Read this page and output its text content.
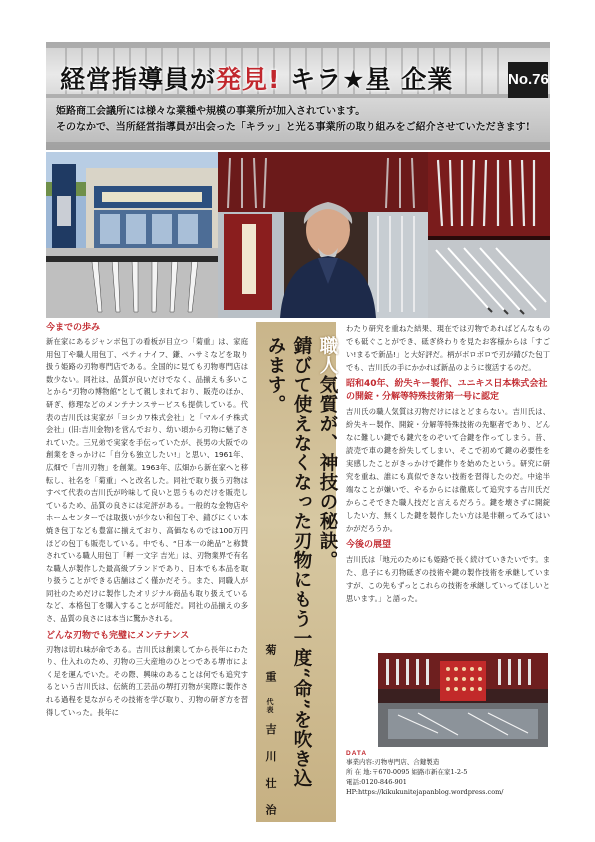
経営指導員が発見! キラ★星 企業	No.76
姫路商工会議所には様々な業種や規模の事業所が加入されています。
そのなかで、当所経営指導員が出会った「キラッ」と光る事業所の取り組みをご紹介させていただきます!
今までの歩み

新在家にあるジャンボ包丁の看板が目立つ「菊重」は、家庭用包丁や職人用包丁、ペティナイフ、鎌、ハサミなどを取り扱う姫路の刃物専門店である。全国的に見ても刃物専門店は数少ない。同社は、品質が良いだけでなく、品揃えも多いことから“刃物の博物館”として親しまれており、販売のほか、研ぎ、修理などのメンテナンスサービスも提供している。代表の吉川氏は実家が「ヨシカワ株式会社」と「マルイチ株式会社」(旧:吉川金物)を営んでおり、幼い頃から刃物に魅了されていた。三兄弟で実家を手伝っていたが、長男の大阪での創業をきっかけに「自分も独立したい!」と思い、1961年、広畑で「吉川刃物」を創業。1963年、広畑から新在家へと移転し、社名を「菊重」へと改名した。同社で取り扱う刃物はすべて代表の吉川氏が吟味して良いと思うものだけを販売しているため、品質の良さには定評がある。一般的な金物店やホームセンターでは取扱いが少ない和包丁や、錆びにくい本焼き包丁なども豊富に揃えており、高価なものでは100万円ほどの包丁も販売している。中でも、“日本一の絶品”と称賛されている職人用包丁「孵 一文字 吉光」は、刃物業界で有名な職人が製作した最高級ブランドであり、日本でも本品を取り扱うことができる店舗はごく僅かだそう。また、同職人が同社のためだけに製作したオリジナル商品も取り扱えているなど、本格包丁を購入することが可能だ。同社の品揃えの多さ、品質の良さには本当に驚かされる。

どんな刃物でも完璧にメンテナンス

刃物は切れ味が命である。吉川氏は創業してから長年にわたり、仕入れのため、刃物の三大産地のひとつである堺市によく足を運んでいた。その際、興味のあることは何でも追究するという吉川氏は、伝統的工芸品の堺打刃物が実際に製作される過程を見ながらその技術を学び取り、刃物の研ぎ方を習得していった。長年に

職人気質が、神技の秘訣。
錆びて使えなくなった刃物にもう一度“命”を吹き込みます。
菊 重 代表 吉 川 壮 治

わたり研究を重ねた結果、現在では刃物であればどんなものでも砥ぐことができ、砥ぎ終わりを見たお客様からは「すごい!まるで新品!」と大好評だ。柄がボロボロで刃が錆びた包丁でも、吉川氏の手にかかれば新品のように復活するのだ。

昭和40年、紛失キー製作、ユニキス日本株式会社の開錠・分解等特殊技術第一号に認定

吉川氏の職人気質は刃物だけにはとどまらない。吉川氏は、紛失キー製作、開錠・分解等特殊技術の先駆者であり、どんなに難しい鍵でも鍵穴をのぞいて合鍵を作ってしまう。昔、読売で車の鍵を紛失してしまい、そこで初めて鍵の必要性を実感したことがきっかけで鍵作りを始めたという。研究に研究を重ね、誰にも真似できない技術を習得したのだ。中途半端なことが嫌いで、やるからには徹底して追究する吉川氏だからこそできた職人技だと言えるだろう。鍵を壊さずに開錠したい方、無くした鍵を製作したい方は是非頼ってみてはいかがだろうか。

今後の展望

吉川氏は「地元のためにも姫路で長く続けていきたいです。また、息子にも刃物砥ぎの技術や鍵の製作技術を承継していますが、この先もずっとこれらの技術を承継していってほしいと思います。」と語った。

DATA
事業内容:刃物専門店、合鍵製造
所 在 地:〒670-0095 姫路市新在家1-2-5
電話:0120-846-901
HP:https://kikukunitejapanblog.wordpress.com/
